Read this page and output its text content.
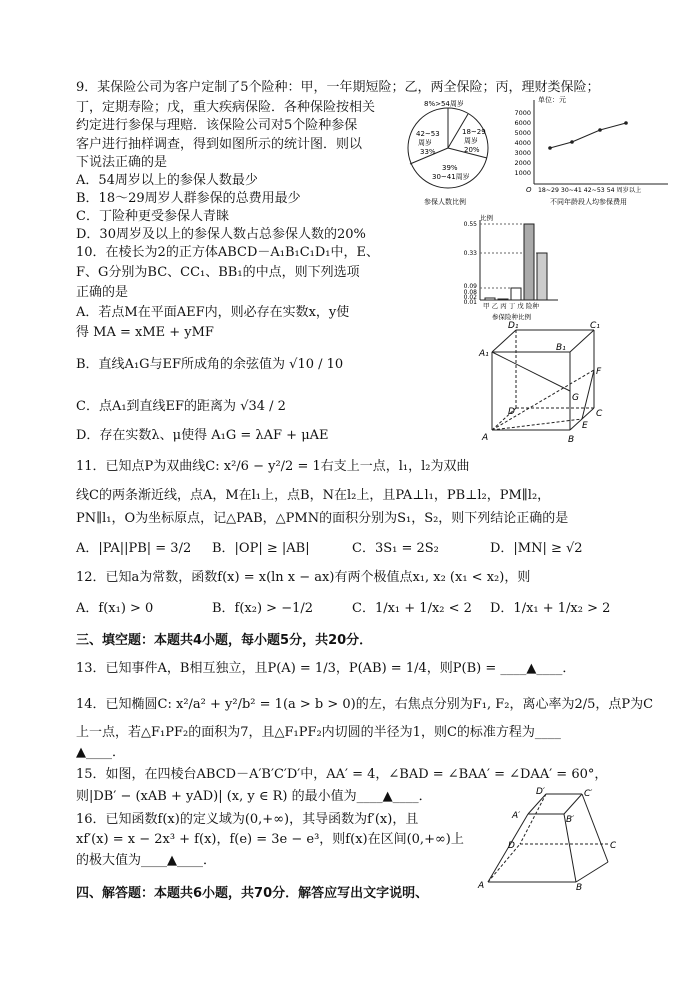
9．某保险公司为客户定制了5个险种：甲，一年期短险；乙，两全保险；丙，理财类保险；
丁，定期寿险；戊，重大疾病保险．各种保险按相关
约定进行参保与理赔．该保险公司对5个险种参保
客户进行抽样调查，得到如图所示的统计图．则以
下说法正确的是
A．54周岁以上的参保人数最少
B．18～29周岁人群参保的总费用最少
C．丁险种更受参保人青睐
D．30周岁及以上的参保人数占总参保人数的20%
8%>54周岁
42~53
周岁
33%
18~29
周岁
20%
39%
30~41周岁
参保人数比例
单位：元
7000
6000
5000
4000
3000
2000
1000
O 18~29 30~41 42~53 54 周岁以上
不同年龄段人均参保费用
比例
0.55
0.33
0.09
0.08
0.02
0.01 甲 乙 丙 丁 戊 险种
参保险种比例
10．在棱长为2的正方体ABCD－A₁B₁C₁D₁中，E、
F、G分别为BC、CC₁、BB₁的中点，则下列选项
正确的是
A．若点M在平面AEF内，则必存在实数x，y使
得 MA = xME + yMF
B．直线A₁G与EF所成角的余弦值为 √10 / 10
C．点A₁到直线EF的距离为 √34 / 2
D．存在实数λ、μ使得 A₁G = λAF + μAE
D₁	C₁
A₁
B₁
F
D
G
C
A
E
B
11．已知点P为双曲线C: x²/6 − y²/2 = 1右支上一点，l₁，l₂为双曲
线C的两条渐近线，点A，M在l₁上，点B，N在l₂上，且PA⊥l₁，PB⊥l₂，PM∥l₂，
PN∥l₁，O为坐标原点，记△PAB，△PMN的面积分别为S₁，S₂，则下列结论正确的是
A．|PA||PB| = 3/2 B．|OP| ≥ |AB|	C．3S₁ = 2S₂	D．|MN| ≥ √2
12．已知a为常数，函数f(x) = x(ln x − ax)有两个极值点x₁, x₂ (x₁ < x₂)，则
A．f(x₁) > 0	B．f(x₂) > −1/2	C．1/x₁ + 1/x₂ < 2 D．1/x₁ + 1/x₂ > 2
三、填空题：本题共4小题，每小题5分，共20分．
13．已知事件A，B相互独立，且P(A) = 1/3，P(AB) = 1/4，则P(B) = ____▲____．
14．已知椭圆C: x²/a² + y²/b² = 1(a > b > 0)的左，右焦点分别为F₁, F₂，离心率为2/5，点P为C
上一点，若△F₁PF₂的面积为7，且△F₁PF₂内切圆的半径为1，则C的标准方程为____
▲____．
15．如图，在四棱台ABCD－A′B′C′D′中，AA′ = 4，∠BAD = ∠BAA′ = ∠DAA′ = 60°，
则|DB′ − (xAB + yAD)| (x, y ∈ R) 的最小值为____▲____．
16．已知函数f(x)的定义域为(0,+∞)，其导函数为f′(x)，且
xf′(x) = x − 2x³ + f(x)，f(e) = 3e − e³，则f(x)在区间(0,+∞)上
的极大值为____▲____．
D′	C′
A′	B′
D	C
A	B
四、解答题：本题共6小题，共70分．解答应写出文字说明、
